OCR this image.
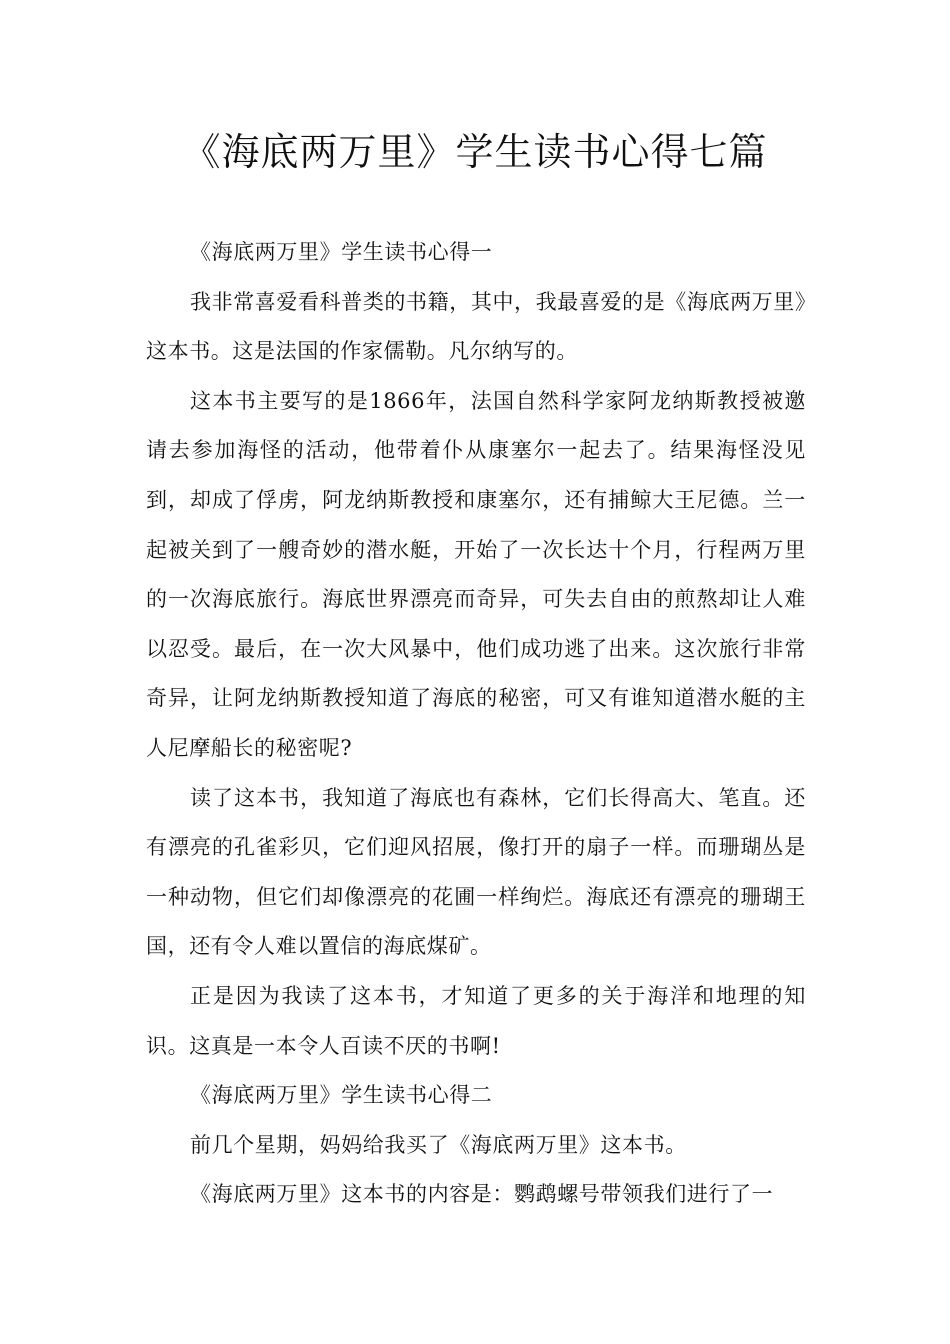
《海底两万里》学生读书心得七篇

《海底两万里》学生读书心得一

我非常喜爱看科普类的书籍，其中，我最喜爱的是《海底两万里》这本书。这是法国的作家儒勒。凡尔纳写的。

这本书主要写的是1866年，法国自然科学家阿龙纳斯教授被邀请去参加海怪的活动，他带着仆从康塞尔一起去了。结果海怪没见到，却成了俘虏，阿龙纳斯教授和康塞尔，还有捕鲸大王尼德。兰一起被关到了一艘奇妙的潜水艇，开始了一次长达十个月，行程两万里的一次海底旅行。海底世界漂亮而奇异，可失去自由的煎熬却让人难以忍受。最后，在一次大风暴中，他们成功逃了出来。这次旅行非常奇异，让阿龙纳斯教授知道了海底的秘密，可又有谁知道潜水艇的主人尼摩船长的秘密呢?

读了这本书，我知道了海底也有森林，它们长得高大、笔直。还有漂亮的孔雀彩贝，它们迎风招展，像打开的扇子一样。而珊瑚丛是一种动物，但它们却像漂亮的花圃一样绚烂。海底还有漂亮的珊瑚王国，还有令人难以置信的海底煤矿。

正是因为我读了这本书，才知道了更多的关于海洋和地理的知识。这真是一本令人百读不厌的书啊!

《海底两万里》学生读书心得二

前几个星期，妈妈给我买了《海底两万里》这本书。

《海底两万里》这本书的内容是：鹦鹉螺号带领我们进行了一
